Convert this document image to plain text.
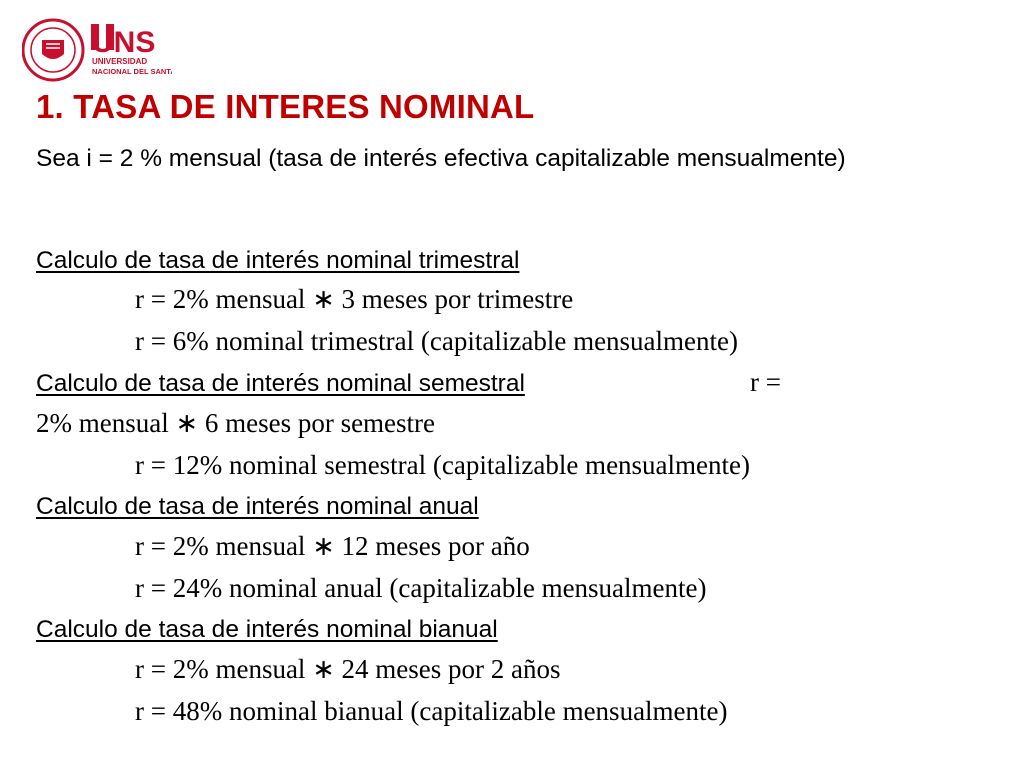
UNS
UNIVERSIDAD
NACIONAL DEL SANTA
1. TASA DE INTERES NOMINAL

Sea i = 2 % mensual (tasa de interés efectiva capitalizable mensualmente)

Calculo de tasa de interés nominal trimestral
r = 2% mensual ∗ 3 meses por trimestre
r = 6% nominal trimestral (capitalizable mensualmente)
Calculo de tasa de interés nominal semestral	r =
2% mensual ∗ 6 meses por semestre
r = 12% nominal semestral (capitalizable mensualmente)
Calculo de tasa de interés nominal anual
r = 2% mensual ∗ 12 meses por año
r = 24% nominal anual (capitalizable mensualmente)
Calculo de tasa de interés nominal bianual
r = 2% mensual ∗ 24 meses por 2 años
r = 48% nominal bianual (capitalizable mensualmente)
